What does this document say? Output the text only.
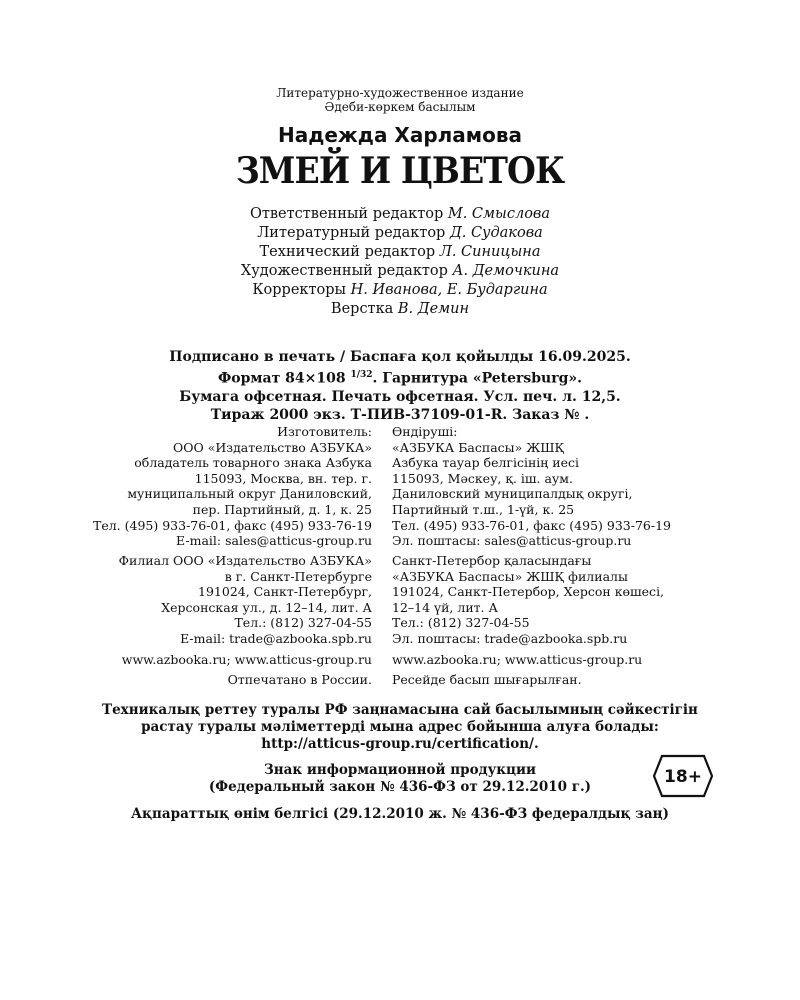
Литературно-художественное издание
Әдеби-көркем басылым
Надежда Харламова
ЗМЕЙ И ЦВЕТОК
Ответственный редактор М. Смыслова
Литературный редактор Д. Судакова
Технический редактор Л. Синицына
Художественный редактор А. Демочкина
Корректоры Н. Иванова, Е. Бударгина
Верстка В. Демин
Подписано в печать / Баспаға қол қойылды 16.09.2025.
Формат 84×108 $^{1/32}$. Гарнитура «Petersburg».
Бумага офсетная. Печать офсетная. Усл. печ. л. 12,5.
Тираж 2000 экз. Т-ПИВ-37109-01-R. Заказ № .
Изготовитель:
ООО «Издательство АЗБУКА»
обладатель товарного знака Азбука
115093, Москва, вн. тер. г.
муниципальный округ Даниловский,
пер. Партийный, д. 1, к. 25
Тел. (495) 933-76-01, факс (495) 933-76-19
E-mail: sales@atticus-group.ru
Өндіруші:
«АЗБУКА Баспасы» ЖШҚ
Азбука тауар белгісінің иесі
115093, Мәскеу, қ. іш. аум.
Даниловский муниципалдық округі,
Партийный т.ш., 1-үй, к. 25
Тел. (495) 933-76-01, факс (495) 933-76-19
Эл. поштасы: sales@atticus-group.ru
Филиал ООО «Издательство АЗБУКА»
в г. Санкт-Петербурге
191024, Санкт-Петербург,
Херсонская ул., д. 12–14, лит. А
Тел.: (812) 327-04-55
E-mail: trade@azbooka.spb.ru
Санкт-Петербор қаласындағы
«АЗБУКА Баспасы» ЖШҚ филиалы
191024, Санкт-Петербор, Херсон көшесі,
12–14 үй, лит. А
Тел.: (812) 327-04-55
Эл. поштасы: trade@azbooka.spb.ru
www.azbooka.ru; www.atticus-group.ru www.azbooka.ru; www.atticus-group.ru
Отпечатано в России. Ресейде басып шығарылған.
Техникалық реттеу туралы РФ заңнамасына сай басылымның сәйкестігін
растау туралы мәліметтерді мына адрес бойынша алуға болады:
http://atticus-group.ru/certification/.
Знак информационной продукции
(Федеральный закон № 436-ФЗ от 29.12.2010 г.)	18+
Ақпараттық өнім белгісі (29.12.2010 ж. № 436-ФЗ федералдық заң)
